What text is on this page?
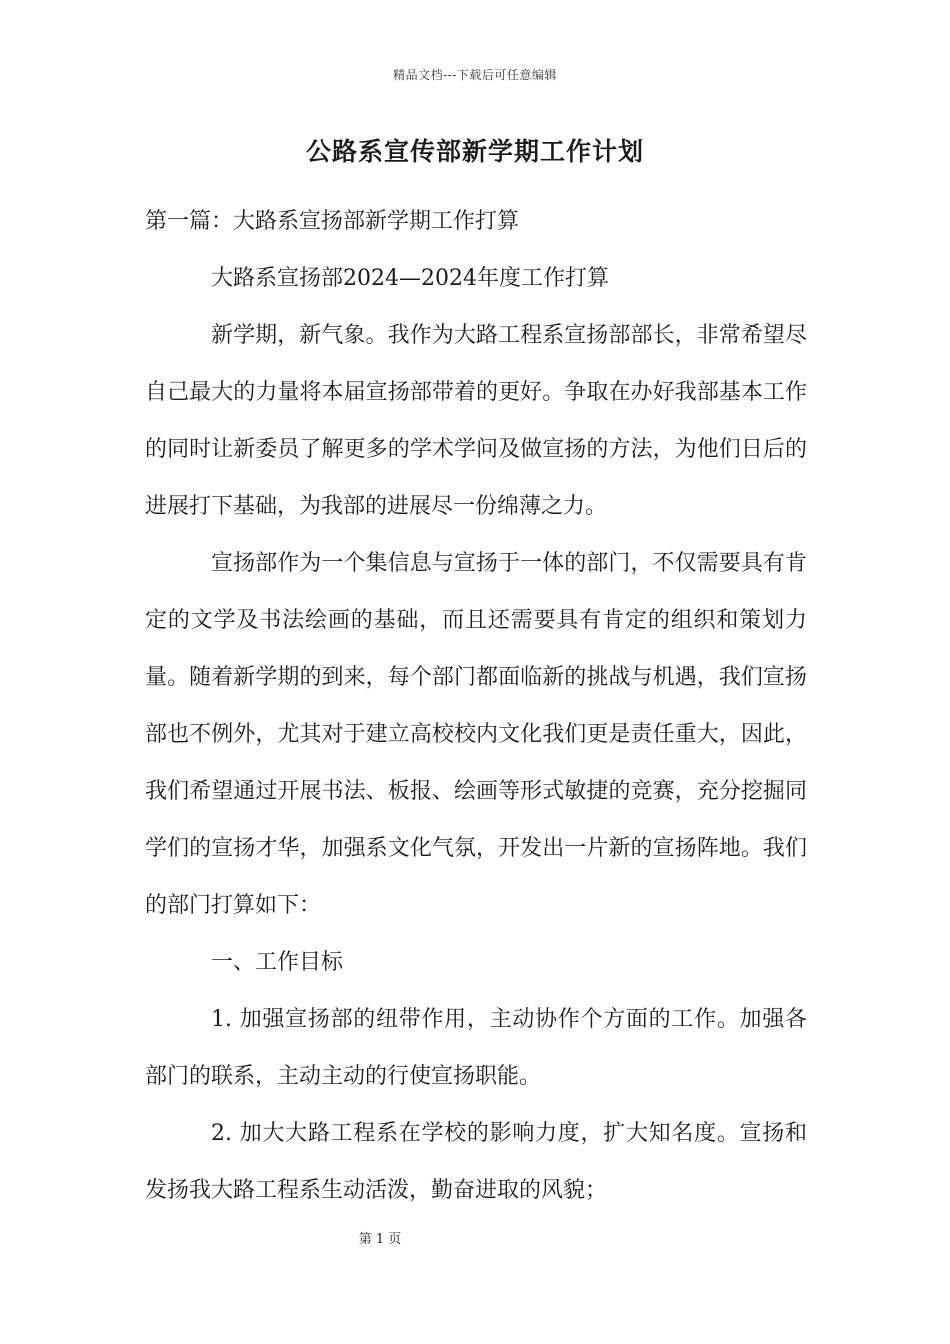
精品文档---下载后可任意编辑
公路系宣传部新学期工作计划

第一篇：大路系宣扬部新学期工作打算

大路系宣扬部2024—2024年度工作打算

新学期，新气象。我作为大路工程系宣扬部部长，非常希望尽自己最大的力量将本届宣扬部带着的更好。争取在办好我部基本工作的同时让新委员了解更多的学术学问及做宣扬的方法，为他们日后的进展打下基础，为我部的进展尽一份绵薄之力。

宣扬部作为一个集信息与宣扬于一体的部门，不仅需要具有肯定的文学及书法绘画的基础，而且还需要具有肯定的组织和策划力量。随着新学期的到来，每个部门都面临新的挑战与机遇，我们宣扬部也不例外，尤其对于建立高校校内文化我们更是责任重大，因此，我们希望通过开展书法、板报、绘画等形式敏捷的竞赛，充分挖掘同学们的宣扬才华，加强系文化气氛，开发出一片新的宣扬阵地。我们的部门打算如下：

一、工作目标

1. 加强宣扬部的纽带作用，主动协作个方面的工作。加强各部门的联系，主动主动的行使宣扬职能。

2. 加大大路工程系在学校的影响力度，扩大知名度。宣扬和发扬我大路工程系生动活泼，勤奋进取的风貌；

第 1 页
